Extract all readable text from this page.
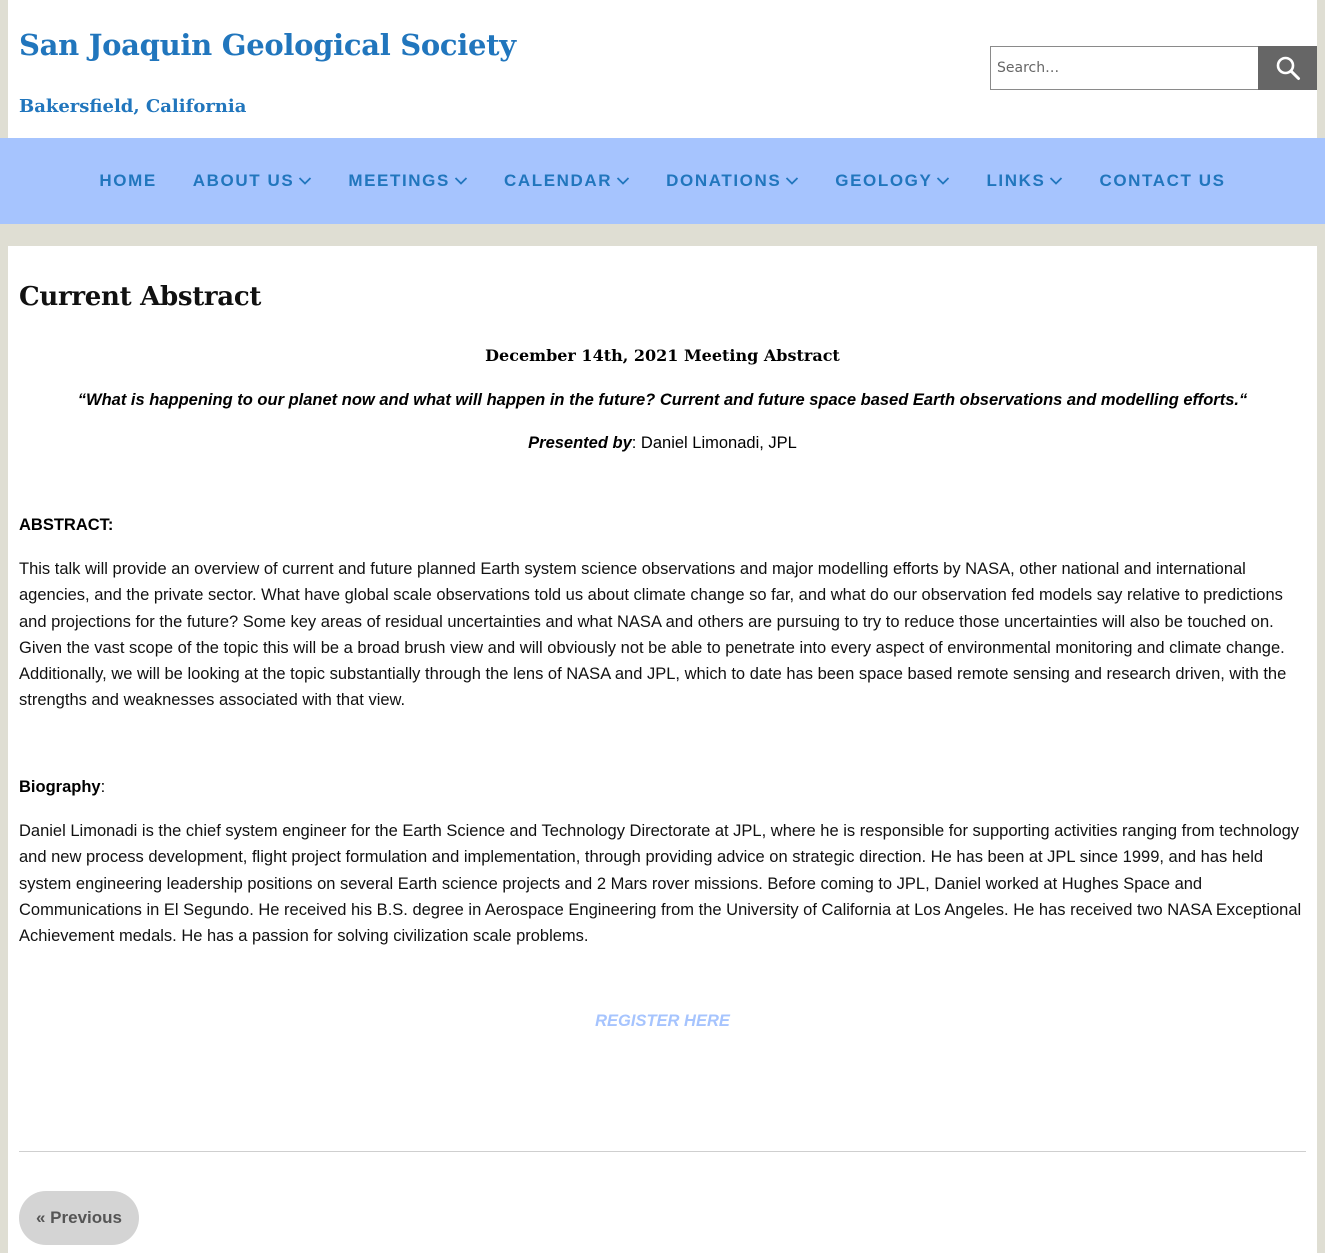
San Joaquin Geological Society

Bakersfield, California

Search…
HOME ABOUT US	MEETINGS	CALENDAR	DONATIONS	GEOLOGY	LINKS	CONTACT US
Current Abstract
December 14th, 2021 Meeting Abstract
“What is happening to our planet now and what will happen in the future? Current and future space based Earth observations and modelling efforts.“
Presented by: Daniel Limonadi, JPL
ABSTRACT:

This talk will provide an overview of current and future planned Earth system science observations and major modelling efforts by NASA, other national and international agencies, and the private sector. What have global scale observations told us about climate change so far, and what do our observation fed models say relative to predictions and projections for the future? Some key areas of residual uncertainties and what NASA and others are pursuing to try to reduce those uncertainties will also be touched on. Given the vast scope of the topic this will be a broad brush view and will obviously not be able to penetrate into every aspect of environmental monitoring and climate change. Additionally, we will be looking at the topic substantially through the lens of NASA and JPL, which to date has been space based remote sensing and research driven, with the strengths and weaknesses associated with that view.

Biography:

Daniel Limonadi is the chief system engineer for the Earth Science and Technology Directorate at JPL, where he is responsible for supporting activities ranging from technology and new process development, flight project formulation and implementation, through providing advice on strategic direction. He has been at JPL since 1999, and has held system engineering leadership positions on several Earth science projects and 2 Mars rover missions. Before coming to JPL, Daniel worked at Hughes Space and Communications in El Segundo. He received his B.S. degree in Aerospace Engineering from the University of California at Los Angeles. He has received two NASA Exceptional Achievement medals. He has a passion for solving civilization scale problems.

REGISTER HERE
« Previous
